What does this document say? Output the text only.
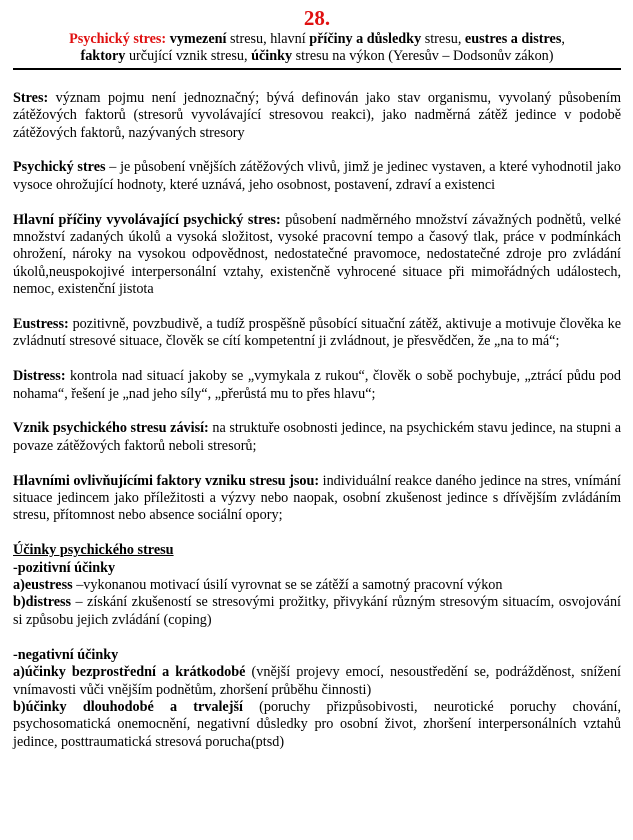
28.

Psychický stres: vymezení stresu, hlavní příčiny a důsledky stresu, eustres a distres,
faktory určující vznik stresu, účinky stresu na výkon (Yeresův – Dodsonův zákon)

Stres: význam pojmu není jednoznačný; bývá definován jako stav organismu, vyvolaný působením zátěžových faktorů (stresorů vyvolávající stresovou reakci), jako nadměrná zátěž jedince v podobě zátěžových faktorů, nazývaných stresory

Psychický stres – je působení vnějších zátěžových vlivů, jimž je jedinec vystaven, a které vyhodnotil jako vysoce ohrožující hodnoty, které uznává, jeho osobnost, postavení, zdraví a existenci

Hlavní příčiny vyvolávající psychický stres: působení nadměrného množství závažných podnětů, velké množství zadaných úkolů a vysoká složitost, vysoké pracovní tempo a časový tlak, práce v podmínkách ohrožení, nároky na vysokou odpovědnost, nedostatečné pravomoce, nedostatečné zdroje pro zvládání úkolů,neuspokojivé interpersonální vztahy, existenčně vyhrocené situace při mimořádných událostech, nemoc, existenční jistota

Eustress: pozitivně, povzbudivě, a tudíž prospěšně působící situační zátěž, aktivuje a motivuje člověka ke zvládnutí stresové situace, člověk se cítí kompetentní ji zvládnout, je přesvědčen, že „na to má“;

Distress: kontrola nad situací jakoby se „vymykala z rukou“, člověk o sobě pochybuje, „ztrácí půdu pod nohama“, řešení je „nad jeho síly“, „přerůstá mu to přes hlavu“;

Vznik psychického stresu závisí: na struktuře osobnosti jedince, na psychickém stavu jedince, na stupni a povaze zátěžových faktorů neboli stresorů;

Hlavními ovlivňujícími faktory vzniku stresu jsou: individuální reakce daného jedince na stres, vnímání situace jedincem jako příležitosti a výzvy nebo naopak, osobní zkušenost jedince s dřívějším zvládáním stresu, přítomnost nebo absence sociální opory;

Účinky psychického stresu

-pozitivní účinky

a)eustress –vykonanou motivací úsilí vyrovnat se se zátěží a samotný pracovní výkon

b)distress – získání zkušeností se stresovými prožitky, přivykání různým stresovým situacím, osvojování si způsobu jejich zvládání (coping)

-negativní účinky

a)účinky bezprostřední a krátkodobé (vnější projevy emocí, nesoustředění se, podrážděnost, snížení vnímavosti vůči vnějším podnětům, zhoršení průběhu činnosti)

b)účinky dlouhodobé a trvalejší (poruchy přizpůsobivosti, neurotické poruchy chování, psychosomatická onemocnění, negativní důsledky pro osobní život, zhoršení interpersonálních vztahů jedince, posttraumatická stresová porucha(ptsd)
